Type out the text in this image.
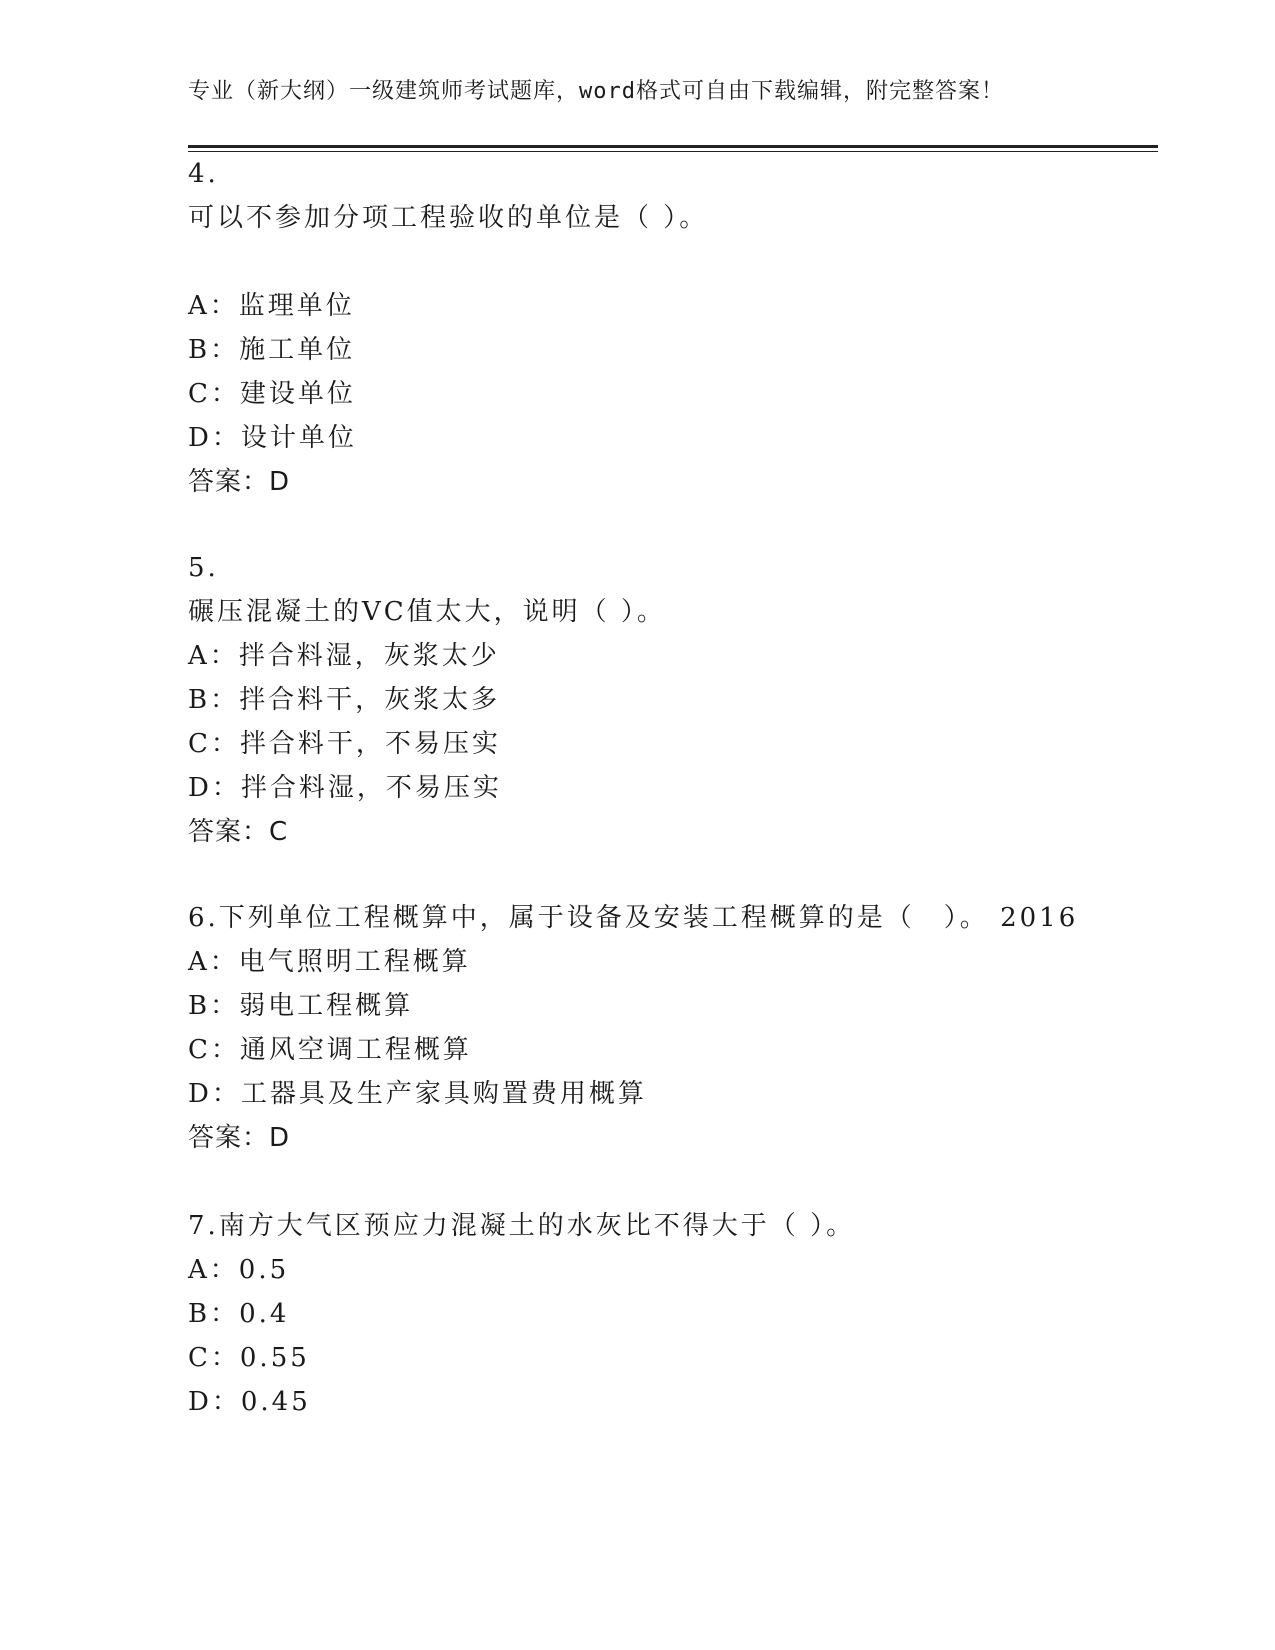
专业（新大纲）一级建筑师考试题库，word格式可自由下载编辑，附完整答案！
4.
可以不参加分项工程验收的单位是（ ）。
A：监理单位
B：施工单位
C：建设单位
D：设计单位
答案：D
5.
碾压混凝土的VC值太大，说明（ ）。
A：拌合料湿，灰浆太少
B：拌合料干，灰浆太多
C：拌合料干，不易压实
D：拌合料湿，不易压实
答案：C
6.下列单位工程概算中，属于设备及安装工程概算的是（　）。 2016
A：电气照明工程概算
B：弱电工程概算
C：通风空调工程概算
D：工器具及生产家具购置费用概算
答案：D
7.南方大气区预应力混凝土的水灰比不得大于（ ）。
A：0.5
B：0.4
C：0.55
D：0.45
